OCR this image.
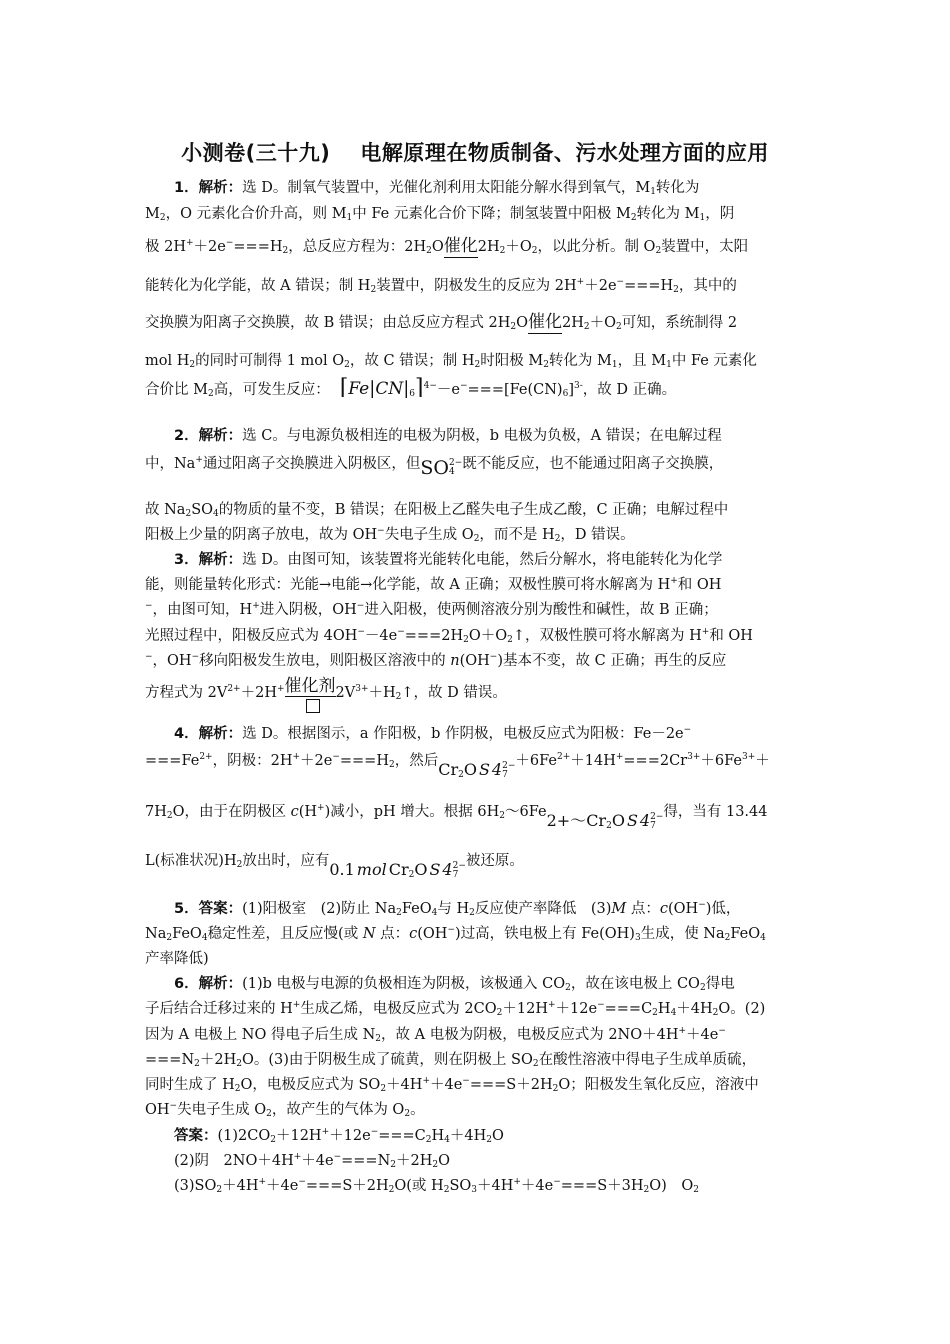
小测卷(三十九) 电解原理在物质制备、污水处理方面的应用
1．解析：选 D。制氧气装置中，光催化剂利用太阳能分解水得到氧气，$M_1$转化为
$M_2$，O 元素化合价升高，则 $M_1$中 Fe 元素化合价下降；制氢装置中阳极 $M_2$转化为 $M_1$，阴
极 $2H^++2e^-===H_2$，总反应方程为：$2H_2O$催化
$2H_2+O_2$，以此分析。制 $O_2$装置中，太阳
能转化为化学能，故 A 错误；制 $H_2$装置中，阴极发生的反应为 $2H^++2e^-===H_2$，其中的
交换膜为阳离子交换膜，故 B 错误；由总反应方程式 $2H_2O$催化
$2H_2+O_2$可知，系统制得 2
mol $H_2$的同时可制得 1 mol $O_2$，故 C 错误；制 $H_2$时阳极 $M_2$转化为 $M_1$，且 $M_1$中 Fe 元素化
合价比 $M_2$高，可发生反应： $⌈Fe|CN|_6⌉^{4-}-e^-===[Fe(CN)_6]^{3-}$，故 D 正确。
2．解析：选 C。与电源负极相连的电极为阴极，b 电极为负极，A 错误；在电解过程
中，Na+通过阳离子交换膜进入阴极区，但SO2−
4 既不能反应，也不能通过阳离子交换膜，
故 $Na_2SO_4$的物质的量不变，B 错误；在阳极上乙醛失电子生成乙酸，C 正确；电解过程中
阳极上少量的阴离子放电，故为 OH−失电子生成 $O_2$，而不是 $H_2$，D 错误。
3．解析：选 D。由图可知，该装置将光能转化电能，然后分解水，将电能转化为化学
能，则能量转化形式：光能→电能→化学能，故 A 正确；双极性膜可将水解离为 H+和 OH
−，由图可知，H+进入阴极，OH−进入阳极，使两侧溶液分别为酸性和碱性，故 B 正确；
光照过程中，阳极反应式为 $4OH^--4e^-===2H_2O+O_2↑$，双极性膜可将水解离为 H+和 OH
−，OH−移向阳极发生放电，则阳极区溶液中的 n(OH−)基本不变，故 C 正确；再生的反应
方程式为 $2V^{2+}+2H^+$催化剂
$2V^{3+}+H_2↑$，故 D 错误。
4．解析：选 D。根据图示，a 作阳极，b 作阴极，电极反应式为阳极：Fe－2e−
$===Fe^{2+}$，阴极：$2H^++2e^-===H_2$，然后$Cr_2O$ S 42−
$7+6Fe^{2+}+14H^+===2Cr^{3+}+6Fe^{3+}+$
$7H_2O$，由于在阴极区 c(H+)减小，pH 增大。根据 $6H_2\sim 6Fe2+\sim Cr_2O$ S 42−
7得，当有 13.44
L(标准状况)$H_2$放出时，应有0.1 mol $Cr_2O$ S 42−
7被还原。
5．答案：(1)阳极室　(2)防止 $Na_2FeO_4$与 $H_2$反应使产率降低　(3)M 点：c(OH−)低，
$Na_2FeO_4$稳定性差，且反应慢(或 N 点：c(OH−)过高，铁电极上有 $Fe(OH)_3$生成，使 $Na_2FeO_4$
产率降低)
6．解析：(1)b 电极与电源的负极相连为阴极，该极通入 $CO_2$，故在该电极上 $CO_2$得电
子后结合迁移过来的 H+生成乙烯，电极反应式为 $2CO_2+12H^++12e^-===C_2H_4+4H_2O$。(2)
因为 A 电极上 NO 得电子后生成 $N_2$，故 A 电极为阴极，电极反应式为 2NO＋4H+＋4e−
$===N_2+2H_2O$。(3)由于阴极生成了硫黄，则在阴极上 $SO_2$在酸性溶液中得电子生成单质硫，
同时生成了 $H_2O$，电极反应式为 $SO_2+4H^++4e^-===S+2H_2O$；阳极发生氧化反应，溶液中
OH−失电子生成 $O_2$，故产生的气体为 $O_2$。
答案：$(1)2CO_2+12H^++12e^-===C_2H_4+4H_2O$
(2)阴　$2NO+4H^++4e^-===N_2+2H_2O$
$(3)SO_2+4H^++4e^-===S+2H_2O$(或 $H_2SO_3+4H^++4e^-===S+3H_2O$)　$O_2$
